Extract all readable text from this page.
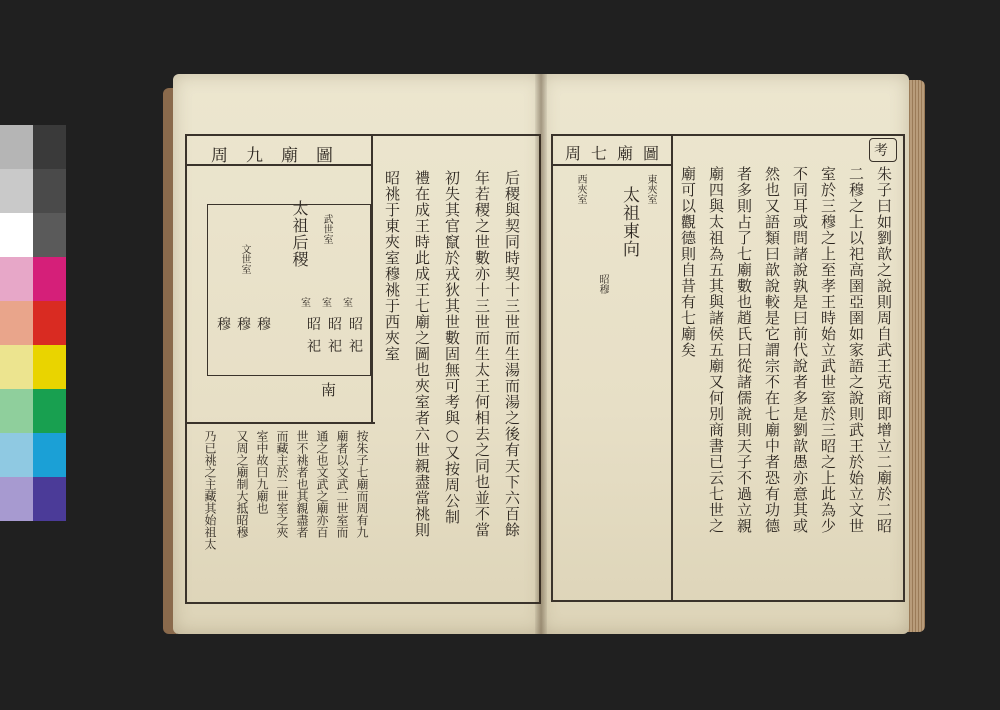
周九廟圖
太祖后稷 武世室
文世室
昭
昭
昭
穆 穆 穆
南
祀
祀
祀
室
室
室	后稷與契同時契十三世而生湯而湯之後有天下六百餘
年若稷之世數亦十三世而生太王何相去之同也並不當
初失其官竄於戎狄其世數固無可考與○又按周公制
禮在成王時此成王七廟之圖也夾室者六世親盡當祧則
昭祧于東夾室穆祧于西夾室
按朱子七廟而周有九
廟者以文武二世室而
通之也文武之廟亦百
世不祧者也其親盡者
而藏主於二世室之夾
室中故曰九廟也
又周之廟制大抵昭穆
乃已祧之主藏其始祖太
周七廟圖
太祖東向 東夾室
西夾室
昭穆
考
朱子曰如劉歆之說則周自武王克商即增立二廟於二昭
二穆之上以祀高圉亞圉如家語之說則武王於始立文世
室於三穆之上至孝王時始立武世室於三昭之上此為少
不同耳或問諸說孰是曰前代說者多是劉歆愚亦意其或
然也又語類曰歆說較是它謂宗不在七廟中者恐有功德
者多則占了七廟數也趙氏曰從諸儒說則天子不過立親
廟四與太祖為五其與諸侯五廟又何別商書已云七世之
廟可以觀德則自昔有七廟矣
